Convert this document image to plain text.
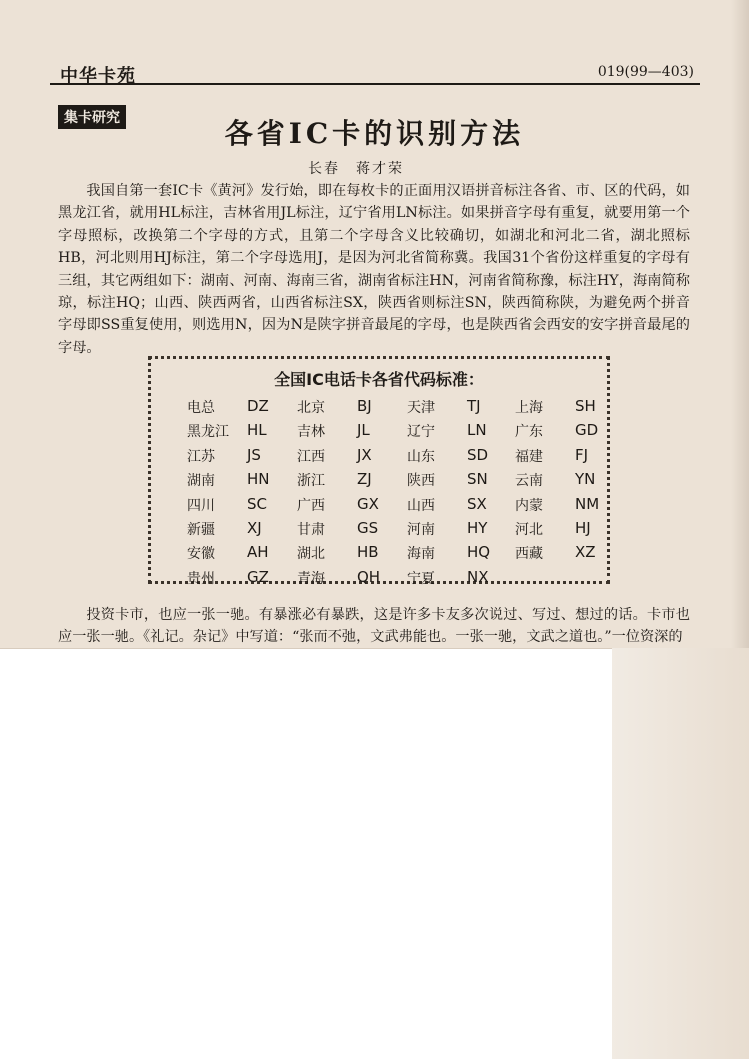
中华卡苑	019(99—403)
集卡研究	各省IC卡的识别方法
长春　蒋才荣
我国自第一套IC卡《黄河》发行始，即在每枚卡的正面用汉语拼音标注各省、市、区的代码，如黑龙江省，就用HL标注，吉林省用JL标注，辽宁省用LN标注。如果拼音字母有重复，就要用第一个字母照标，改换第二个字母的方式，且第二个字母含义比较确切，如湖北和河北二省，湖北照标HB，河北则用HJ标注，第二个字母选用J，是因为河北省简称冀。我国31个省份这样重复的字母有三组，其它两组如下：湖南、河南、海南三省，湖南省标注HN，河南省简称豫，标注HY，海南简称琼，标注HQ；山西、陕西两省，山西省标注SX，陕西省则标注SN，陕西简称陕，为避免两个拼音字母即SS重复使用，则选用N，因为N是陕字拼音最尾的字母，也是陕西省会西安的安字拼音最尾的字母。
全国IC电话卡各省代码标准：
电总	DZ	北京	BJ	天津	TJ	上海	SH
黑龙江	HL	吉林	JL	辽宁	LN	广东	GD
江苏	JS	江西	JX	山东	SD	福建	FJ
湖南	HN	浙江	ZJ	陕西	SN	云南	YN
四川	SC	广西	GX	山西	SX	内蒙	NM
新疆	XJ	甘肃	GS	河南	HY	河北	HJ
安徽	AH	湖北	HB	海南	HQ	西藏	XZ
贵州	GZ	青海	QH	宁夏	NX
投资卡市，也应一张一驰。有暴涨必有暴跌，这是许多卡友多次说过、写过、想过的话。卡市也应一张一驰。《礼记。杂记》中写道：“张而不弛，文武弗能也。一张一驰，文武之道也。”一位资深的
